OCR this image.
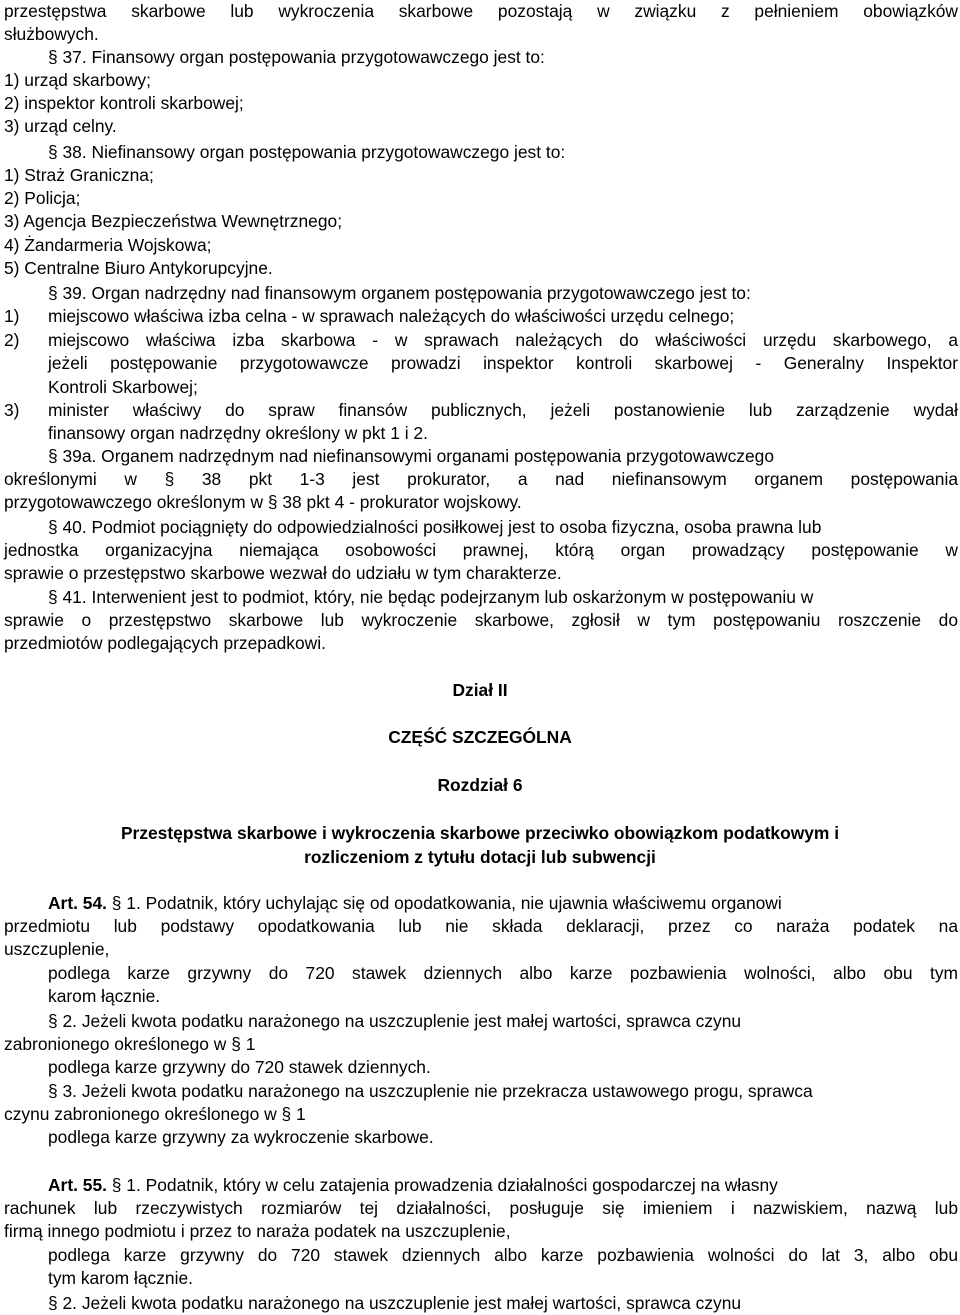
przestępstwa skarbowe lub wykroczenia skarbowe pozostają w związku z pełnieniem obowiązków
służbowych.
§ 37. Finansowy organ postępowania przygotowawczego jest to:
1) urząd skarbowy;
2) inspektor kontroli skarbowej;
3) urząd celny.
§ 38. Niefinansowy organ postępowania przygotowawczego jest to:
1) Straż Graniczna;
2) Policja;
3) Agencja Bezpieczeństwa Wewnętrznego;
4) Żandarmeria Wojskowa;
5) Centralne Biuro Antykorupcyjne.
§ 39. Organ nadrzędny nad finansowym organem postępowania przygotowawczego jest to:
1) miejscowo właściwa izba celna - w sprawach należących do właściwości urzędu celnego;
2) miejscowo właściwa izba skarbowa - w sprawach należących do właściwości urzędu skarbowego, a
jeżeli postępowanie przygotowawcze prowadzi inspektor kontroli skarbowej - Generalny Inspektor
Kontroli Skarbowej;
3) minister właściwy do spraw finansów publicznych, jeżeli postanowienie lub zarządzenie wydał
finansowy organ nadrzędny określony w pkt 1 i 2.
§ 39a. Organem nadrzędnym nad niefinansowymi organami postępowania przygotowawczego
określonymi w § 38 pkt 1-3 jest prokurator, a nad niefinansowym organem postępowania
przygotowawczego określonym w § 38 pkt 4 - prokurator wojskowy.
§ 40. Podmiot pociągnięty do odpowiedzialności posiłkowej jest to osoba fizyczna, osoba prawna lub
jednostka organizacyjna niemająca osobowości prawnej, którą organ prowadzący postępowanie w
sprawie o przestępstwo skarbowe wezwał do udziału w tym charakterze.
§ 41. Interwenient jest to podmiot, który, nie będąc podejrzanym lub oskarżonym w postępowaniu w
sprawie o przestępstwo skarbowe lub wykroczenie skarbowe, zgłosił w tym postępowaniu roszczenie do
przedmiotów podlegających przepadkowi.
Dział II
CZĘŚĆ SZCZEGÓLNA
Rozdział 6
Przestępstwa skarbowe i wykroczenia skarbowe przeciwko obowiązkom podatkowym i
rozliczeniom z tytułu dotacji lub subwencji
Art. 54. § 1. Podatnik, który uchylając się od opodatkowania, nie ujawnia właściwemu organowi
przedmiotu lub podstawy opodatkowania lub nie składa deklaracji, przez co naraża podatek na
uszczuplenie,
podlega karze grzywny do 720 stawek dziennych albo karze pozbawienia wolności, albo obu tym
karom łącznie.
§ 2. Jeżeli kwota podatku narażonego na uszczuplenie jest małej wartości, sprawca czynu
zabronionego określonego w § 1
podlega karze grzywny do 720 stawek dziennych.
§ 3. Jeżeli kwota podatku narażonego na uszczuplenie nie przekracza ustawowego progu, sprawca
czynu zabronionego określonego w § 1
podlega karze grzywny za wykroczenie skarbowe.
Art. 55. § 1. Podatnik, który w celu zatajenia prowadzenia działalności gospodarczej na własny
rachunek lub rzeczywistych rozmiarów tej działalności, posługuje się imieniem i nazwiskiem, nazwą lub
firmą innego podmiotu i przez to naraża podatek na uszczuplenie,
podlega karze grzywny do 720 stawek dziennych albo karze pozbawienia wolności do lat 3, albo obu
tym karom łącznie.
§ 2. Jeżeli kwota podatku narażonego na uszczuplenie jest małej wartości, sprawca czynu
